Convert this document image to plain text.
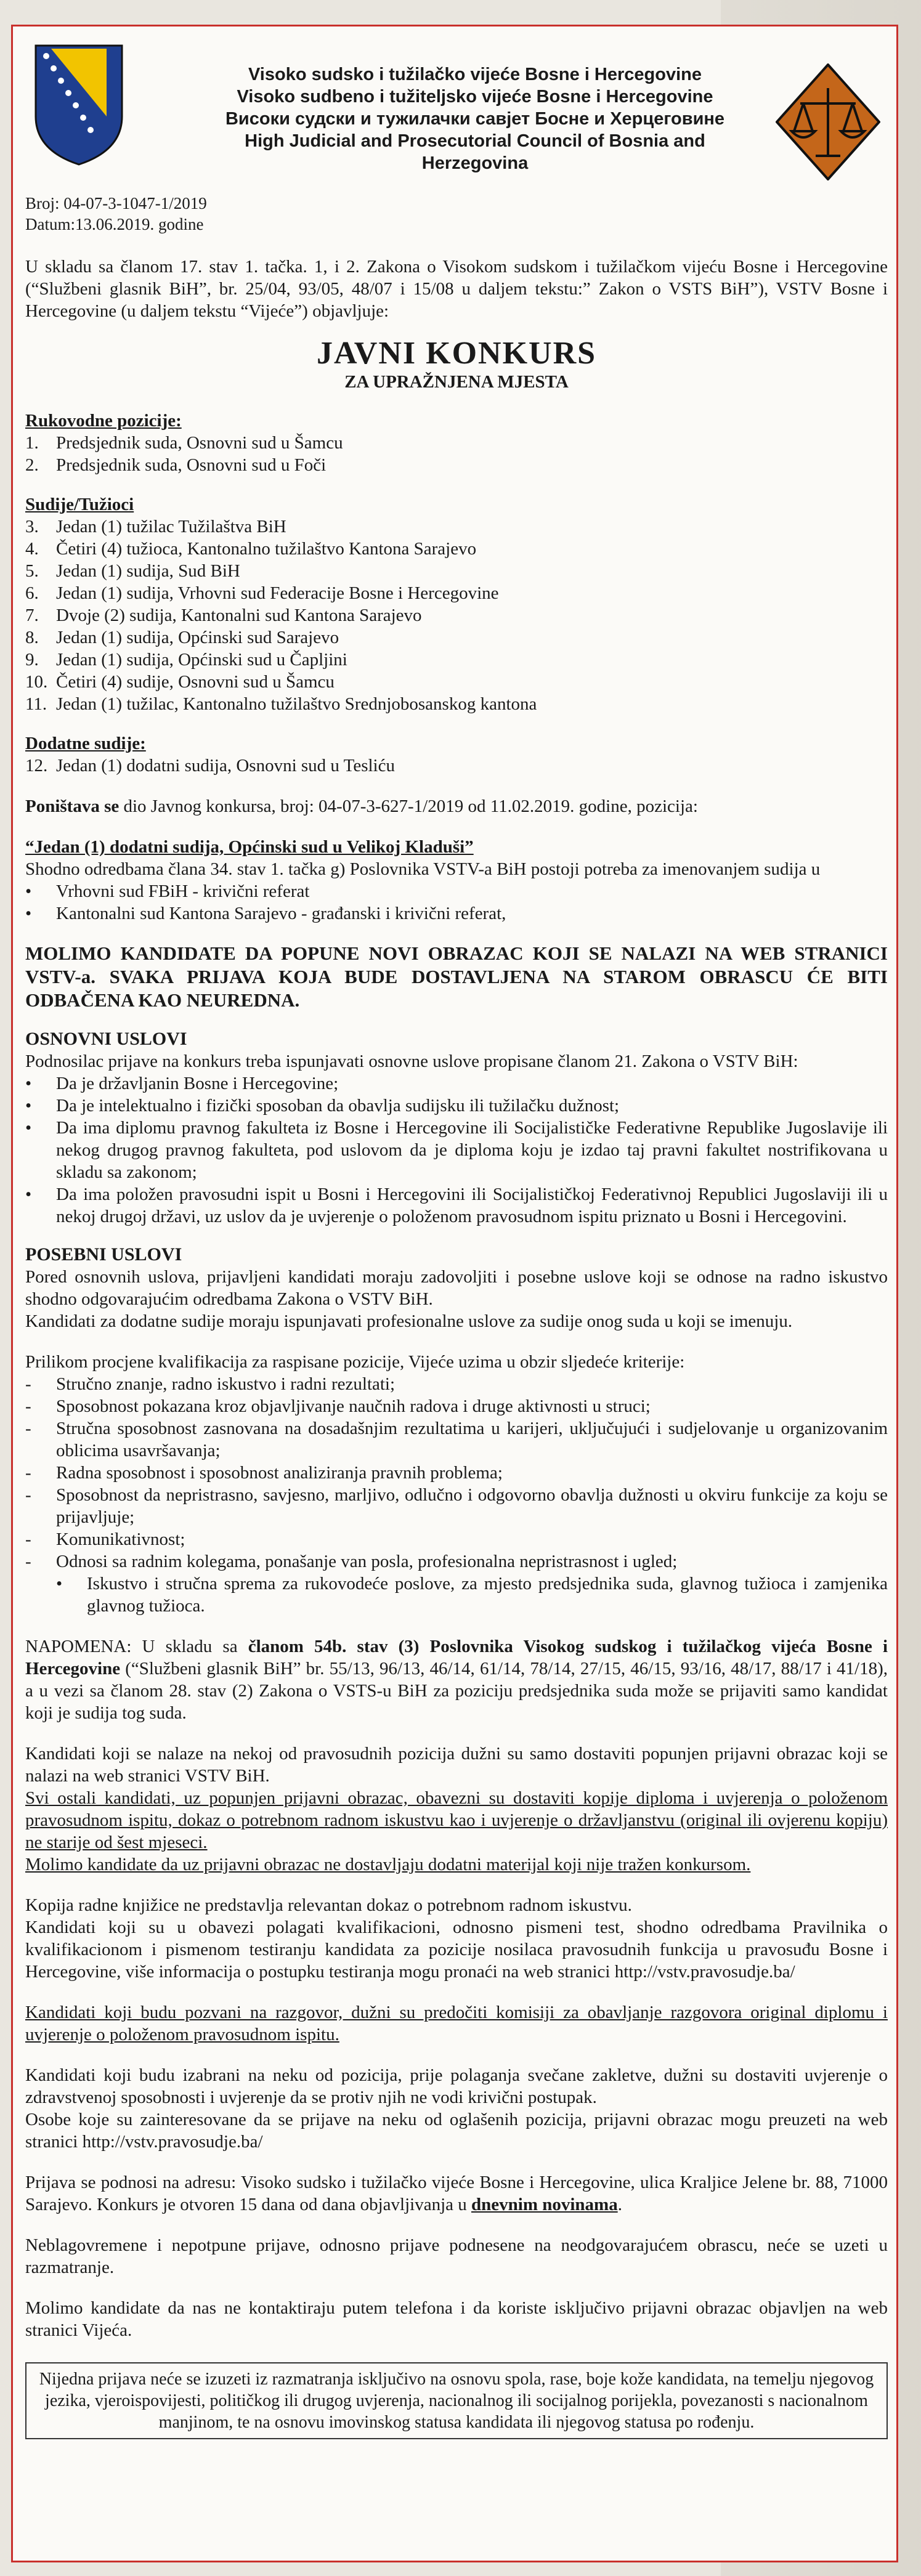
Visoko sudsko i tužilačko vijeće Bosne i Hercegovine
Visoko sudbeno i tužiteljsko vijeće Bosne i Hercegovine
Високи судски и тужилачки савјет Босне и Херцеговине
High Judicial and Prosecutorial Council of Bosnia and Herzegovina
Broj: 04-07-3-1047-1/2019
Datum:13.06.2019. godine

U skladu sa članom 17. stav 1. tačka. 1, i 2. Zakona o Visokom sudskom i tužilačkom vijeću Bosne i Hercegovine (“Službeni glasnik BiH”, br. 25/04, 93/05, 48/07 i 15/08 u daljem tekstu:” Zakon o VSTS BiH”), VSTV Bosne i Hercegovine (u daljem tekstu “Vijeće”) objavljuje:

JAVNI KONKURS
ZA UPRAŽNJENA MJESTA
Rukovodne pozicije:
1. Predsjednik suda, Osnovni sud u Šamcu
2. Predsjednik suda, Osnovni sud u Foči
Sudije/Tužioci
3. Jedan (1) tužilac Tužilaštva BiH
4. Četiri (4) tužioca, Kantonalno tužilaštvo Kantona Sarajevo
5. Jedan (1) sudija, Sud BiH
6. Jedan (1) sudija, Vrhovni sud Federacije Bosne i Hercegovine
7. Dvoje (2) sudija, Kantonalni sud Kantona Sarajevo
8. Jedan (1) sudija, Općinski sud Sarajevo
9. Jedan (1) sudija, Općinski sud u Čapljini
10. Četiri (4) sudije, Osnovni sud u Šamcu
11. Jedan (1) tužilac, Kantonalno tužilaštvo Srednjobosanskog kantona
Dodatne sudije:
12. Jedan (1) dodatni sudija, Osnovni sud u Tesliću

Poništava se dio Javnog konkursa, broj: 04-07-3-627-1/2019 od 11.02.2019. godine, pozicija:

“Jedan (1) dodatni sudija, Općinski sud u Velikoj Kladuši”

Shodno odredbama člana 34. stav 1. tačka g) Poslovnika VSTV-a BiH postoji potreba za imenovanjem sudija u

•	Vrhovni sud FBiH - krivični referat
•	Kantonalni sud Kantona Sarajevo - građanski i krivični referat,

MOLIMO KANDIDATE DA POPUNE NOVI OBRAZAC KOJI SE NALAZI NA WEB STRANICI VSTV-a. SVAKA PRIJAVA KOJA BUDE DOSTAVLJENA NA STAROM OBRASCU ĆE BITI ODBAČENA KAO NEUREDNA.

OSNOVNI USLOVI

Podnosilac prijave na konkurs treba ispunjavati osnovne uslove propisane članom 21. Zakona o VSTV BiH:

•	Da je državljanin Bosne i Hercegovine;
•	Da je intelektualno i fizički sposoban da obavlja sudijsku ili tužilačku dužnost;
•	Da ima diplomu pravnog fakulteta iz Bosne i Hercegovine ili Socijalističke Federativne Republike Jugoslavije ili nekog drugog pravnog fakulteta, pod uslovom da je diploma koju je izdao taj pravni fakultet nostrifikovana u skladu sa zakonom;
•	Da ima položen pravosudni ispit u Bosni i Hercegovini ili Socijalističkoj Federativnoj Republici Jugoslaviji ili u nekoj drugoj državi, uz uslov da je uvjerenje o položenom pravosudnom ispitu priznato u Bosni i Hercegovini.
POSEBNI USLOVI

Pored osnovnih uslova, prijavljeni kandidati moraju zadovoljiti i posebne uslove koji se odnose na radno iskustvo shodno odgovarajućim odredbama Zakona o VSTV BiH.

Kandidati za dodatne sudije moraju ispunjavati profesionalne uslove za sudije onog suda u koji se imenuju.

Prilikom procjene kvalifikacija za raspisane pozicije, Vijeće uzima u obzir sljedeće kriterije:

-	Stručno znanje, radno iskustvo i radni rezultati;
-	Sposobnost pokazana kroz objavljivanje naučnih radova i druge aktivnosti u struci;
-	Stručna sposobnost zasnovana na dosadašnjim rezultatima u karijeri, uključujući i sudjelovanje u organizovanim oblicima usavršavanja;
-	Radna sposobnost i sposobnost analiziranja pravnih problema;
-	Sposobnost da nepristrasno, savjesno, marljivo, odlučno i odgovorno obavlja dužnosti u okviru funkcije za koju se prijavljuje;
-	Komunikativnost;
-	Odnosi sa radnim kolegama, ponašanje van posla, profesionalna nepristrasnost i ugled;
•	Iskustvo i stručna sprema za rukovodeće poslove, za mjesto predsjednika suda, glavnog tužioca i zamjenika glavnog tužioca.

NAPOMENA: U skladu sa članom 54b. stav (3) Poslovnika Visokog sudskog i tužilačkog vijeća Bosne i Hercegovine (“Službeni glasnik BiH” br. 55/13, 96/13, 46/14, 61/14, 78/14, 27/15, 46/15, 93/16, 48/17, 88/17 i 41/18), a u vezi sa članom 28. stav (2) Zakona o VSTS-u BiH za poziciju predsjednika suda može se prijaviti samo kandidat koji je sudija tog suda.

Kandidati koji se nalaze na nekoj od pravosudnih pozicija dužni su samo dostaviti popunjen prijavni obrazac koji se nalazi na web stranici VSTV BiH.

Svi ostali kandidati, uz popunjen prijavni obrazac, obavezni su dostaviti kopije diploma i uvjerenja o položenom pravosudnom ispitu, dokaz o potrebnom radnom iskustvu kao i uvjerenje o državljanstvu (original ili ovjerenu kopiju) ne starije od šest mjeseci.

Molimo kandidate da uz prijavni obrazac ne dostavljaju dodatni materijal koji nije tražen konkursom.

Kopija radne knjižice ne predstavlja relevantan dokaz o potrebnom radnom iskustvu.

Kandidati koji su u obavezi polagati kvalifikacioni, odnosno pismeni test, shodno odredbama Pravilnika o kvalifikacionom i pismenom testiranju kandidata za pozicije nosilaca pravosudnih funkcija u pravosuđu Bosne i Hercegovine, više informacija o postupku testiranja mogu pronaći na web stranici http://vstv.pravosudje.ba/

Kandidati koji budu pozvani na razgovor, dužni su predočiti komisiji za obavljanje razgovora original diplomu i uvjerenje o položenom pravosudnom ispitu.

Kandidati koji budu izabrani na neku od pozicija, prije polaganja svečane zakletve, dužni su dostaviti uvjerenje o zdravstvenoj sposobnosti i uvjerenje da se protiv njih ne vodi krivični postupak.

Osobe koje su zainteresovane da se prijave na neku od oglašenih pozicija, prijavni obrazac mogu preuzeti na web stranici http://vstv.pravosudje.ba/

Prijava se podnosi na adresu: Visoko sudsko i tužilačko vijeće Bosne i Hercegovine, ulica Kraljice Jelene br. 88, 71000 Sarajevo. Konkurs je otvoren 15 dana od dana objavljivanja u dnevnim novinama.

Neblagovremene i nepotpune prijave, odnosno prijave podnesene na neodgovarajućem obrascu, neće se uzeti u razmatranje.

Molimo kandidate da nas ne kontaktiraju putem telefona i da koriste isključivo prijavni obrazac objavljen na web stranici Vijeća.

Nijedna prijava neće se izuzeti iz razmatranja isključivo na osnovu spola, rase, boje kože kandidata, na temelju njegovog jezika, vjeroispovijesti, političkog ili drugog uvjerenja, nacionalnog ili socijalnog porijekla, povezanosti s nacionalnom manjinom, te na osnovu imovinskog statusa kandidata ili njegovog statusa po rođenju.
